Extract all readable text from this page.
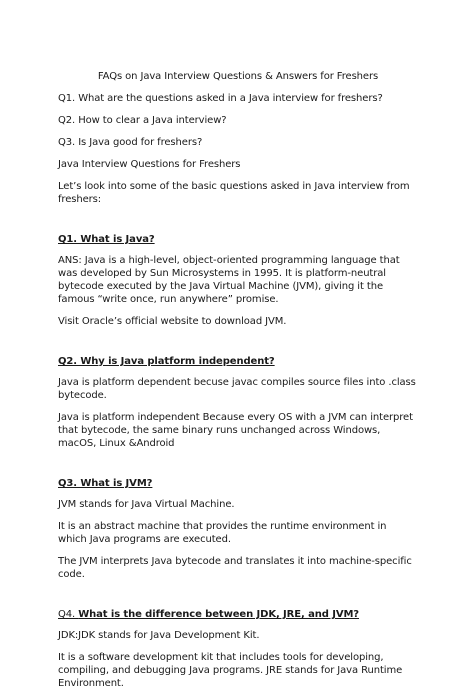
FAQs on Java Interview Questions & Answers for Freshers

Q1. What are the questions asked in a Java interview for freshers?

Q2. How to clear a Java interview?

Q3. Is Java good for freshers?

Java Interview Questions for Freshers

Let’s look into some of the basic questions asked in Java interview from freshers:

Q1. What is Java?

ANS: Java is a high-level, object-oriented programming language that was developed by Sun Microsystems in 1995. It is platform-neutral bytecode executed by the Java Virtual Machine (JVM), giving it the famous “write once, run anywhere” promise.

Visit Oracle’s official website to download JVM.

Q2. Why is Java platform independent?

Java is platform dependent becuse javac compiles source files into .class bytecode.

Java is platform independent Because every OS with a JVM can interpret that bytecode, the same binary runs unchanged across Windows, macOS, Linux &Android

Q3. What is JVM?

JVM stands for Java Virtual Machine.

It is an abstract machine that provides the runtime environment in which Java programs are executed.

The JVM interprets Java bytecode and translates it into machine-specific code.

Q4. What is the difference between JDK, JRE, and JVM?

JDK:JDK stands for Java Development Kit.

It is a software development kit that includes tools for developing, compiling, and debugging Java programs. JRE stands for Java Runtime Environment.
